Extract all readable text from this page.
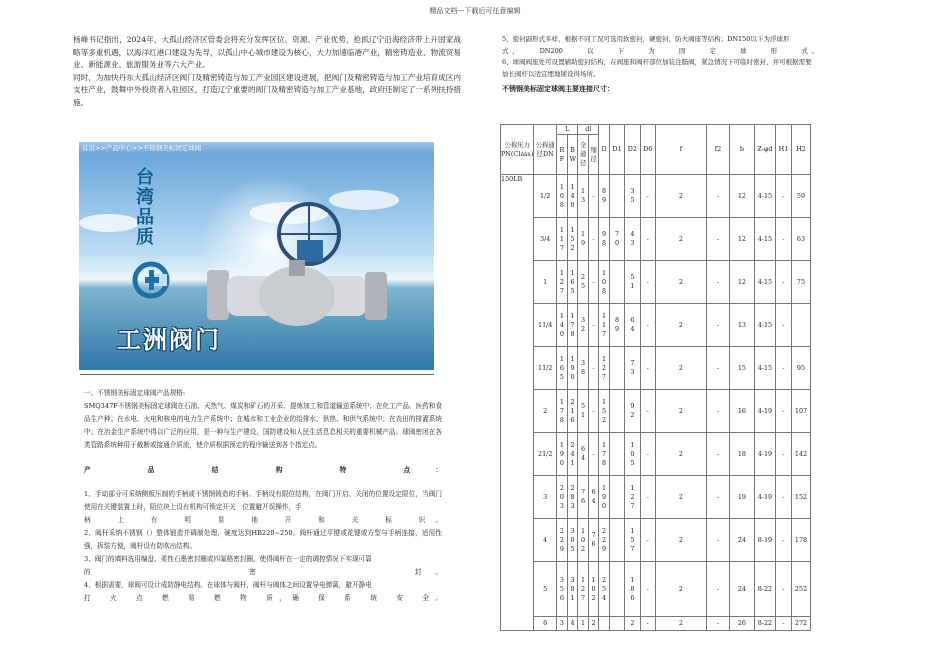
精品文档---下载后可任意编辑

杨峰书记指出，2024年，大孤山经济区管委会将充分发挥区位、资源、产业优势，抢抓辽宁沿海经济带上升国家战略等多重机遇，以海洋红港口建设为先导，以孤山中心城市建设为核心，大力加速临港产业，精密铸造业、物流贸易业、新能源业、旅游服务业等六大产业。

同时，为加快丹东大孤山经济区阀门及精密铸造与加工产业园区建设进展，把阀门及精密铸造与加工产业培育成区内支柱产业，鼓舞中外投资者入驻园区，打造辽宁重要的阀门及精密铸造与加工产业基地，政府还制定了一系列扶持措施。

首页>>产品中心>>不锈钢美标固定球阀
台
湾
品
质
工洲阀门

一、不锈钢美标固定球阀产品规格:

SMQ347F不锈钢美标固定球阀在石油、天然气、煤炭和矿石的开采、提炼加工和管道输送系统中；在化工产品、医药和食品生产种；在水电、火电和核电的电力生产系统中；在城市和工业企业的给排水、供热、和供气系统中；在农田的排灌系统中；在冶金生产系统中得以广泛的应用，是一种与生产建设，国防建设和人民生活息息相关的重要机械产品。球阀密闭在各类管路系统种用于截断或接通介质流，使介质根据预定的程序输送到各个指定点。

产　品　结　构　特　点：

1、手动部分可采纳侧板压制的手柄或不锈钢铸造的手柄。手柄设有限位结构，在阀门开启、关闭的位置设定限位，当阀门使用在关键装置上时，阻位块上设有机构可锁定开关　位置避开误操作，手

柄　上　有　明　显　地　开　和　关　标　识。

2、阀杆采纳不锈钢（）整体锻造并调制处理，硬度达到HB220~250。阀杆通过平键或花键或方型与手柄连接，适用性强，拆装方便，阀杆设有防吹出结构。

3、阀门的填料选用编盘、柔性石墨密封圈或四氟格密封圈，使得阀杆在一定的调控情况下实现可靠

的　　　　　　　密　　　　　　　封。

4、根据需要，球阀可设计成防静电结构。在球体与阀杆，阀杆与阀体之间设置导电弹簧，避开静电

打　火　点　燃　易　燃　物　质，确　保　系　统　安　全。

5、密封副形式多样，根据不同工况可选用软密封，硬密封，防火阀座等结构；DN150以下为浮球形

式，　　DN200　　以　　下　　为　　固　　定　　球　　形　　式。

6、球阀阀座处可设置辅助密封结构，在阀座和阀杆部位加装注脂阀，紧急情况下可临时密封，并可根据需要加长阀杆以适宜埋地铺设得场所。

不锈钢美标固定球阀主要连接尺寸：

公称压力PN(Class)	公称通径DN	L		dl		D	D1	D2	D6	f	f2	b	Z-φd	H1	H2
		RF	BW	全通径	缩径										

150LB	1/2	108	140	13	-	89		35	-	2	-	12	4-15	-	59
	3/4	117	152	19	-	98	70	43	-	2	-	12	4-15	-	63
	1	127	165	25	-	108		51	-	2	-	12	4-15	-	75
	11/4	140	178	32	-	117	89	64	-	2	-	13	4-15	-	
	11/2	165	190	38	-	127		73	-	2	-	15	4-15	-	95
	2	178	216	51	-	152		92	-	2	-	16	4-19	-	107
	21/2	190	241	64	-	178		105	-	2	-	18	4-19	-	142
	3	203	283	76	64	190		127	-	2	-	19	4-19	-	152
	4	229	305	102	76	229		157	-	2	-	24	8-19	-	178
	5	356	381	127	102	254		186	-	2	-	24	8-22	-	252
	6	3	4	1	2			2	-	2	-	26	8-22	-	272
